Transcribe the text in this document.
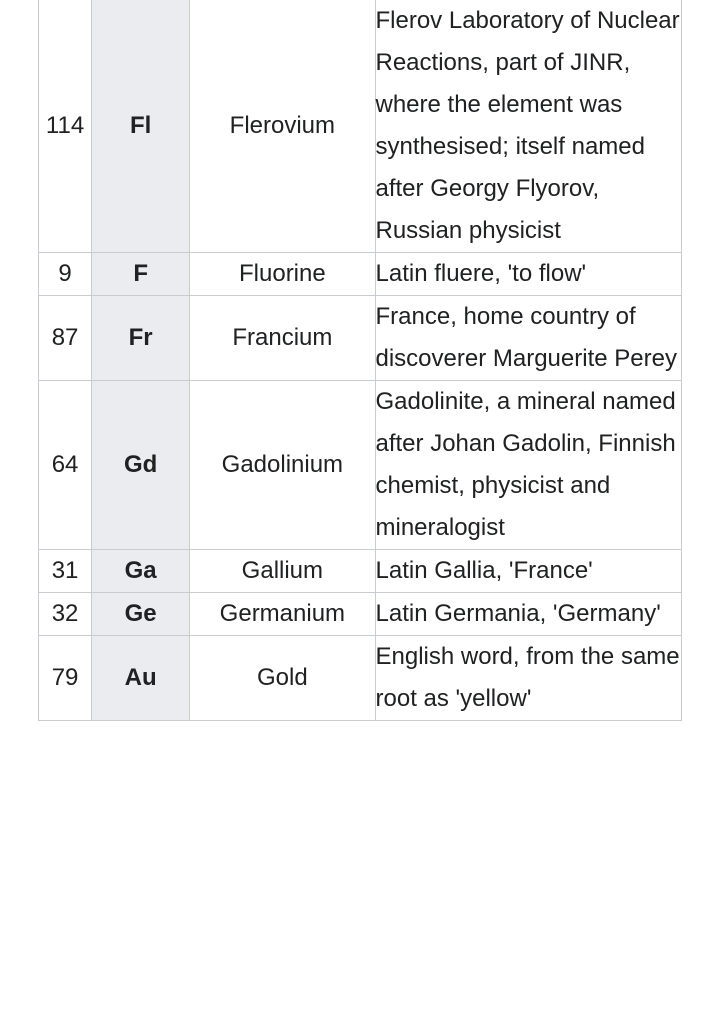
114	Fl	Flerovium	Flerov Laboratory of Nuclear Reactions, part of JINR, where the element was synthesised; itself named after Georgy Flyorov, Russian physicist
9	F	Fluorine	Latin fluere, 'to flow'
87	Fr	Francium	France, home country of discoverer Marguerite Perey
64	Gd	Gadolinium	Gadolinite, a mineral named after Johan Gadolin, Finnish chemist, physicist and mineralogist
31	Ga	Gallium	Latin Gallia, 'France'
32	Ge	Germanium	Latin Germania, 'Germany'
79	Au	Gold	English word, from the same root as 'yellow'
